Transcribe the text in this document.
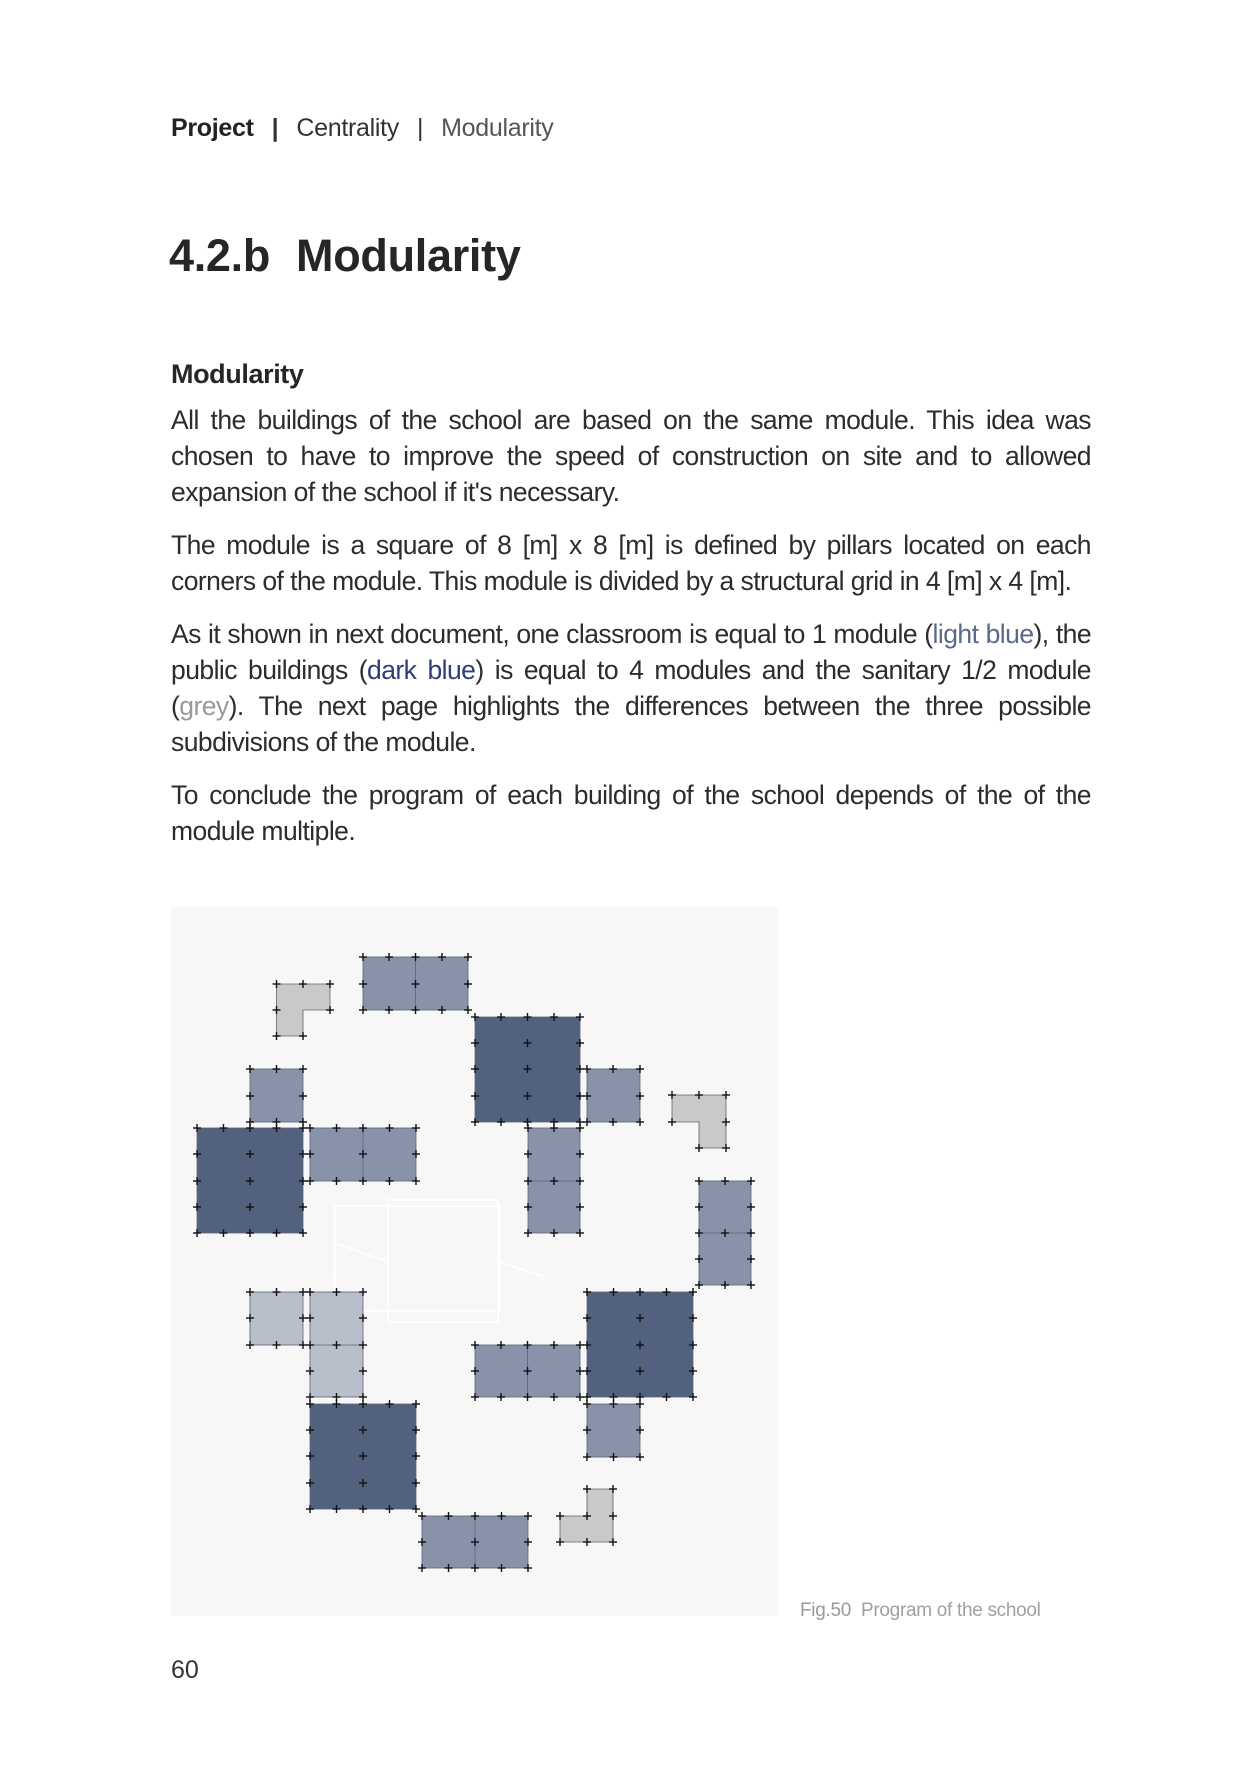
Project | Centrality | Modularity
4.2.b Modularity
Modularity

All the buildings of the school are based on the same module. This idea was chosen to have to improve the speed of construction on site and to allowed expansion of the school if it's necessary.

The module is a square of 8 [m] x 8 [m] is defined by pillars located on each corners of the module. This module is divided by a structural grid in 4 [m] x 4 [m].

As it shown in next document, one classroom is equal to 1 module (light blue), the public buildings (dark blue) is equal to 4 modules and the sanitary 1/2 module (grey). The next page highlights the differences between the three possible subdivisions of the module.

To conclude the program of each building of the school depends of the of the module multiple.

Fig.50 Program of the school
60
